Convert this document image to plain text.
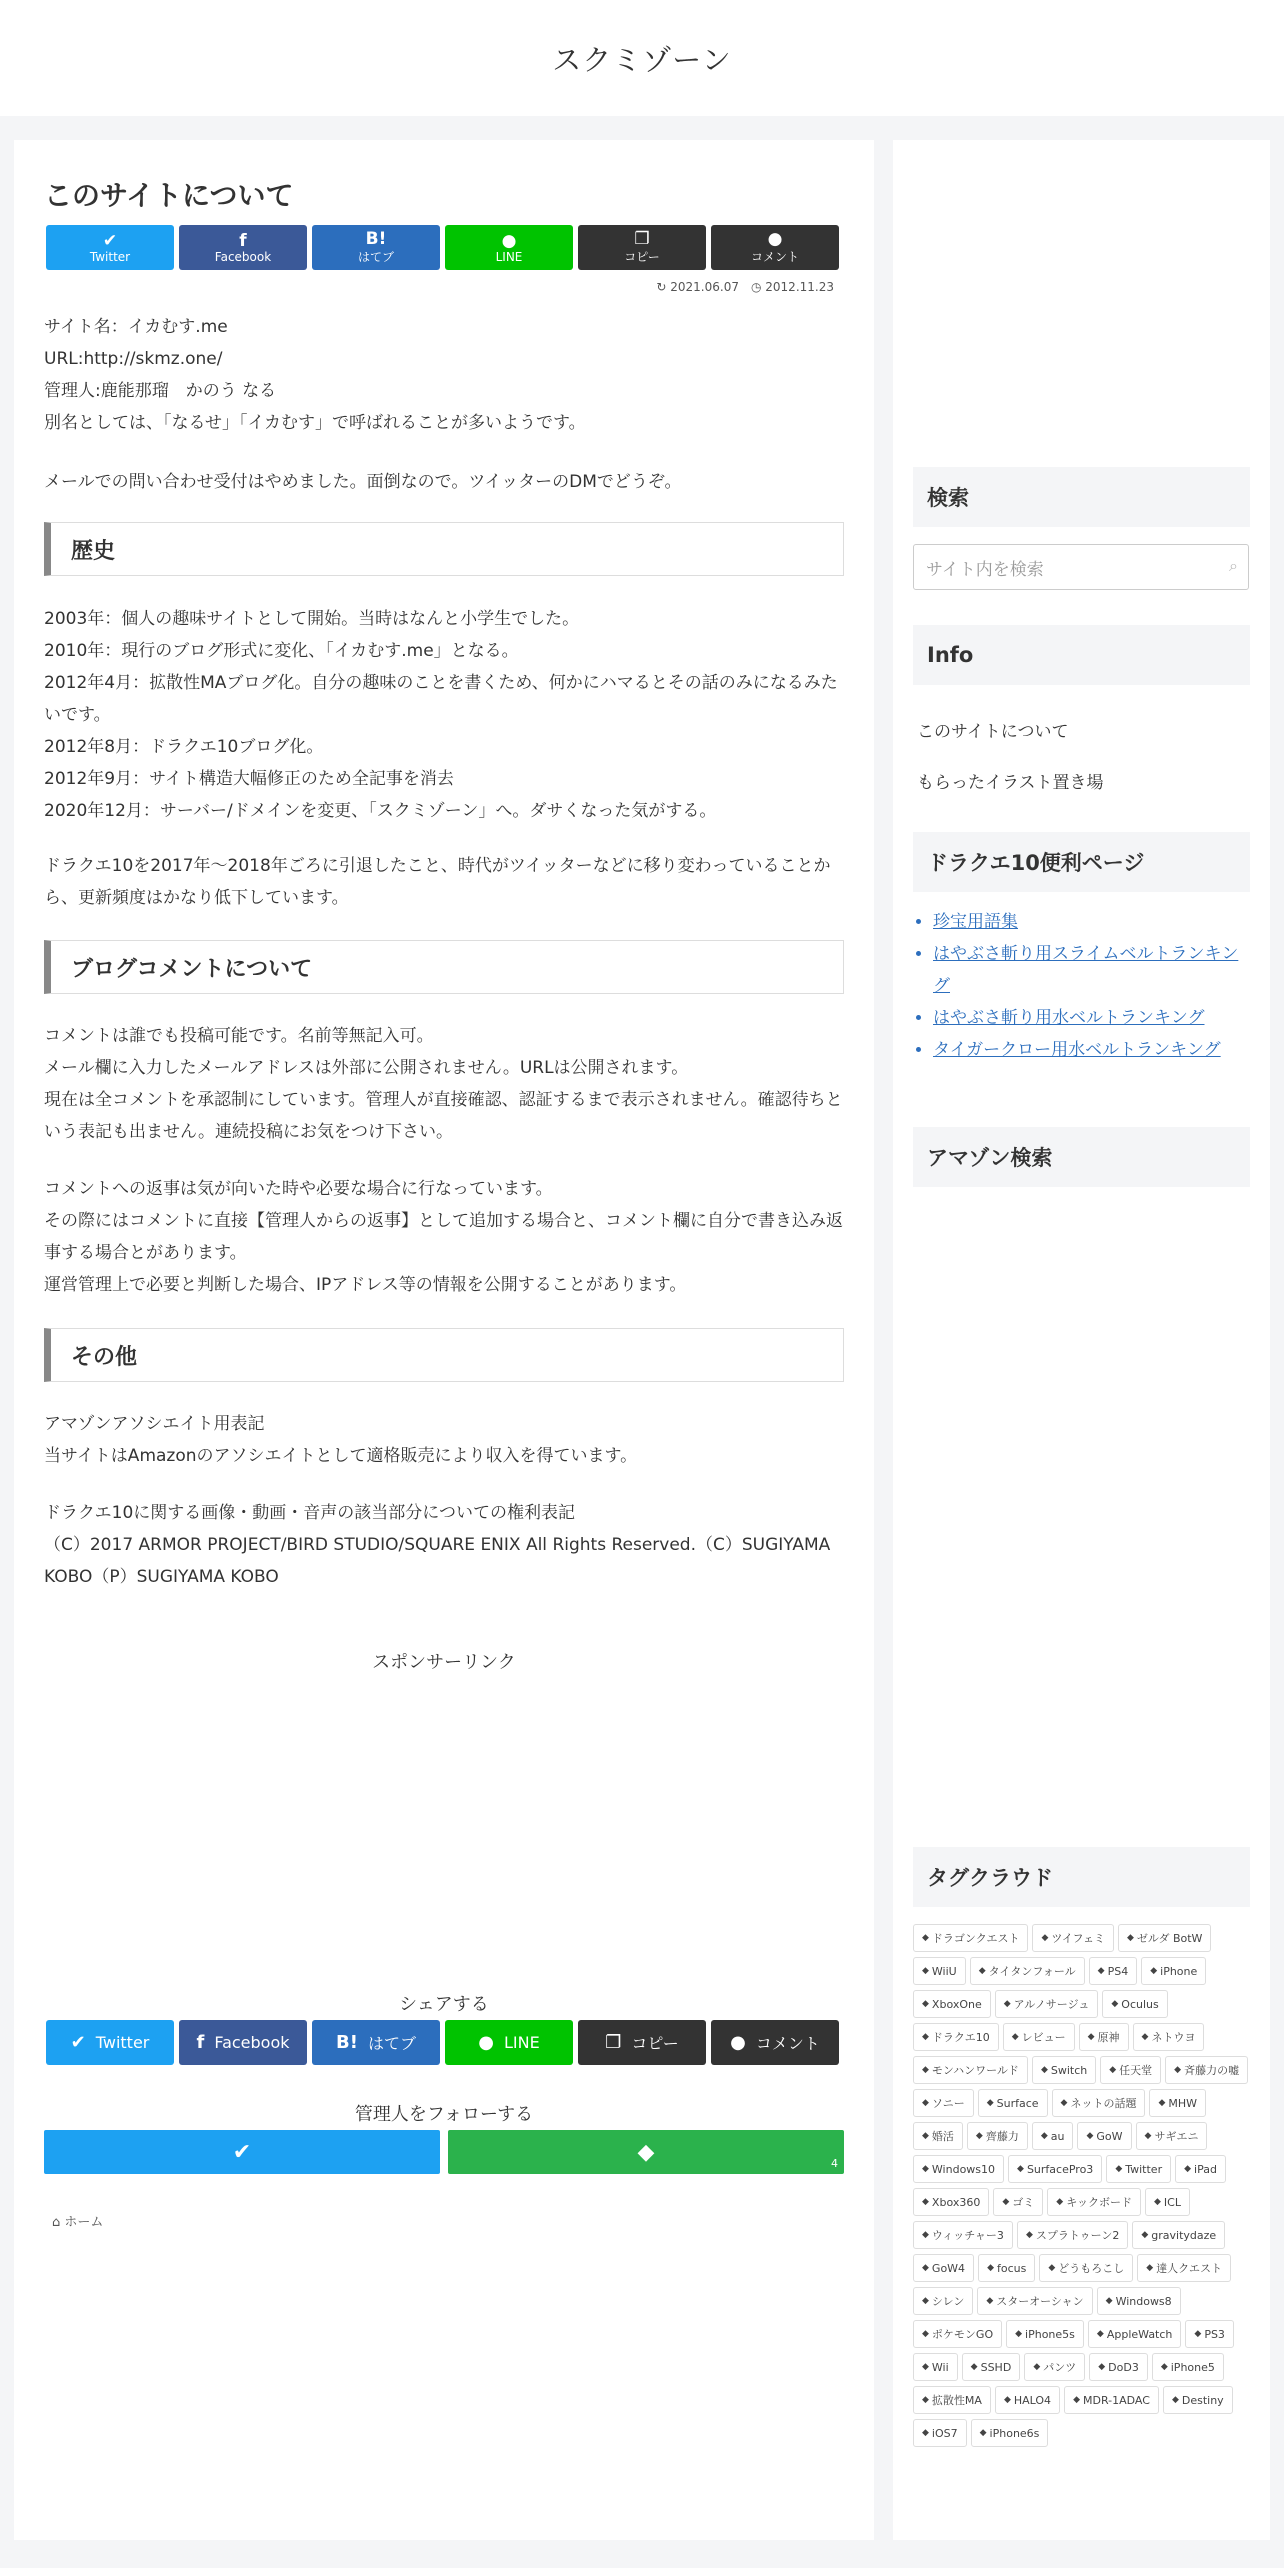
スクミゾーン
このサイトについて
✔
Twitter
f
Facebook
B!
はてブ
●
LINE
❐
コピー
●
コメント
↻ 2021.06.07 ◷ 2012.11.23
サイト名：イカむす.me
URL:http://skmz.one/
管理人:鹿能那瑠　かのう なる
別名としては、「なるせ」「イカむす」で呼ばれることが多いようです。
メールでの問い合わせ受付はやめました。面倒なので。ツイッターのDMでどうぞ。
歴史
2003年：個人の趣味サイトとして開始。当時はなんと小学生でした。
2010年：現行のブログ形式に変化、「イカむす.me」となる。
2012年4月：拡散性MAブログ化。自分の趣味のことを書くため、何かにハマるとその話のみになるみたいです。
2012年8月：ドラクエ10ブログ化。
2012年9月：サイト構造大幅修正のため全記事を消去
2020年12月：サーバー/ドメインを変更、「スクミゾーン」へ。ダサくなった気がする。
ドラクエ10を2017年～2018年ごろに引退したこと、時代がツイッターなどに移り変わっていることから、更新頻度はかなり低下しています。
ブログコメントについて
コメントは誰でも投稿可能です。名前等無記入可。
メール欄に入力したメールアドレスは外部に公開されません。URLは公開されます。
現在は全コメントを承認制にしています。管理人が直接確認、認証するまで表示されません。確認待ちという表記も出ません。連続投稿にお気をつけ下さい。
コメントへの返事は気が向いた時や必要な場合に行なっています。
その際にはコメントに直接【管理人からの返事】として追加する場合と、コメント欄に自分で書き込み返事する場合とがあります。
運営管理上で必要と判断した場合、IPアドレス等の情報を公開することがあります。
その他
アマゾンアソシエイト用表記
当サイトはAmazonのアソシエイトとして適格販売により収入を得ています。
ドラクエ10に関する画像・動画・音声の該当部分についての権利表記
（C）2017 ARMOR PROJECT/BIRD STUDIO/SQUARE ENIX All Rights Reserved.（C）SUGIYAMA KOBO（P）SUGIYAMA KOBO
スポンサーリンク
シェアする
✔ Twitter	f Facebook	B! はてブ	● LINE	❐ コピー	● コメント
管理人をフォローする
✔	◆	4
⌂ ホーム
検索
サイト内を検索	⌕
Info
このサイトについて
もらったイラスト置き場
ドラクエ10便利ページ
• 珍宝用語集
• はやぶさ斬り用スライムベルトランキング
• はやぶさ斬り用水ベルトランキング
• タイガークロー用水ベルトランキング
アマゾン検索
タグクラウド
◆ ドラゴンクエスト ◆ ツイフェミ ◆ ゼルダ BotW
◆ WiiU ◆ タイタンフォール ◆ PS4 ◆ iPhone
◆ XboxOne ◆ アルノサージュ ◆ Oculus
◆ ドラクエ10 ◆ レビュー ◆ 原神 ◆ ネトウヨ
◆ モンハンワールド ◆ Switch ◆ 任天堂 ◆ 斉藤力の嘘
◆ ソニー ◆ Surface ◆ ネットの話題 ◆ MHW
◆ 婚活 ◆ 齊藤力 ◆ au ◆ GoW ◆ サギエニ
◆ Windows10 ◆ SurfacePro3 ◆ Twitter ◆ iPad
◆ Xbox360 ◆ ゴミ ◆ キックボード ◆ ICL
◆ ウィッチャー3 ◆ スプラトゥーン2 ◆ gravitydaze
◆ GoW4 ◆ focus ◆ どうもろこし ◆ 達人クエスト
◆ シレン ◆ スターオーシャン ◆ Windows8
◆ ポケモンGO ◆ iPhone5s ◆ AppleWatch ◆ PS3
◆ Wii ◆ SSHD ◆ パンツ ◆ DoD3 ◆ iPhone5
◆ 拡散性MA ◆ HALO4 ◆ MDR-1ADAC ◆ Destiny
◆ iOS7 ◆ iPhone6s
